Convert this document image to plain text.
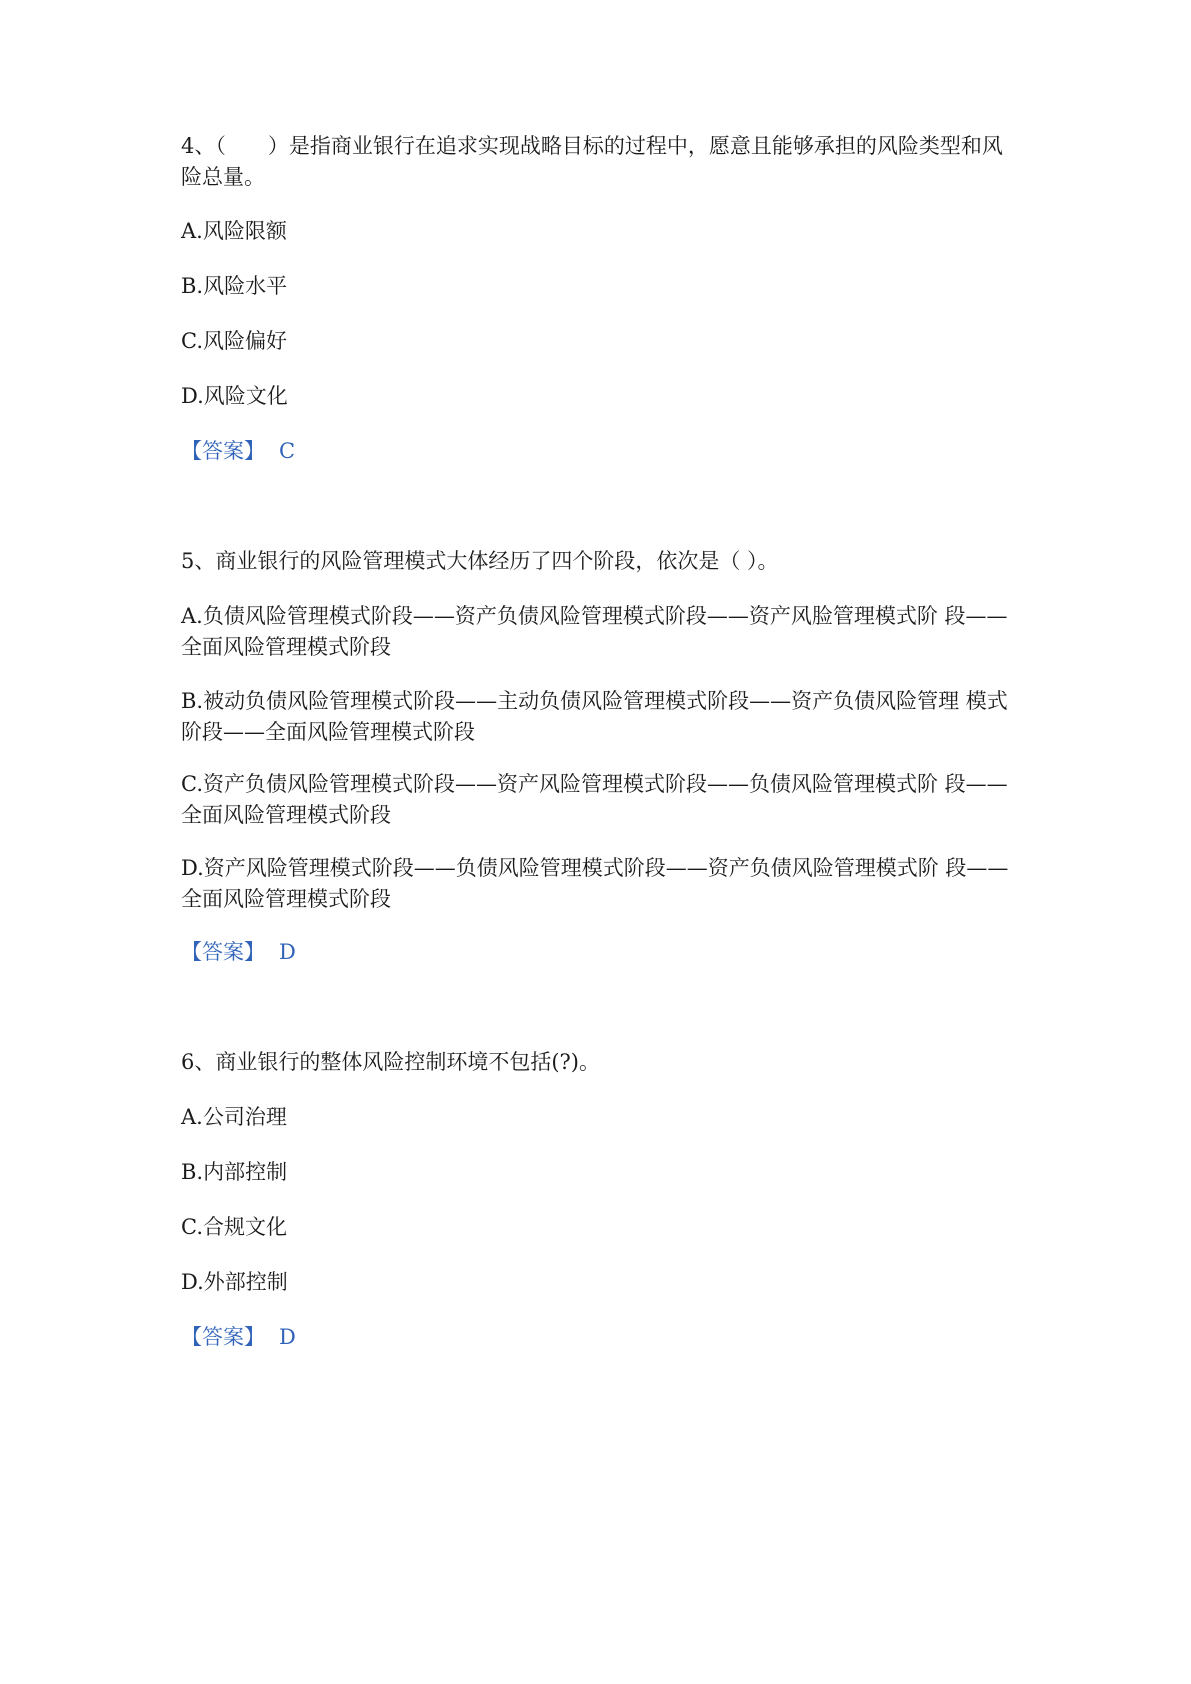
4、（　　）是指商业银行在追求实现战略目标的过程中，愿意且能够承担的风险类型和风险总量。

A.风险限额

B.风险水平

C.风险偏好

D.风险文化

【答案】 C

5、商业银行的风险管理模式大体经历了四个阶段，依次是（ ）。

A.负债风险管理模式阶段——资产负债风险管理模式阶段——资产风脸管理模式阶 段——全面风险管理模式阶段

B.被动负债风险管理模式阶段——主动负债风险管理模式阶段——资产负债风险管理 模式阶段——全面风险管理模式阶段

C.资产负债风险管理模式阶段——资产风险管理模式阶段——负债风险管理模式阶 段——全面风险管理模式阶段

D.资产风险管理模式阶段——负债风险管理模式阶段——资产负债风险管理模式阶 段——全面风险管理模式阶段

【答案】 D

6、商业银行的整体风险控制环境不包括(?)。

A.公司治理

B.内部控制

C.合规文化

D.外部控制

【答案】 D
